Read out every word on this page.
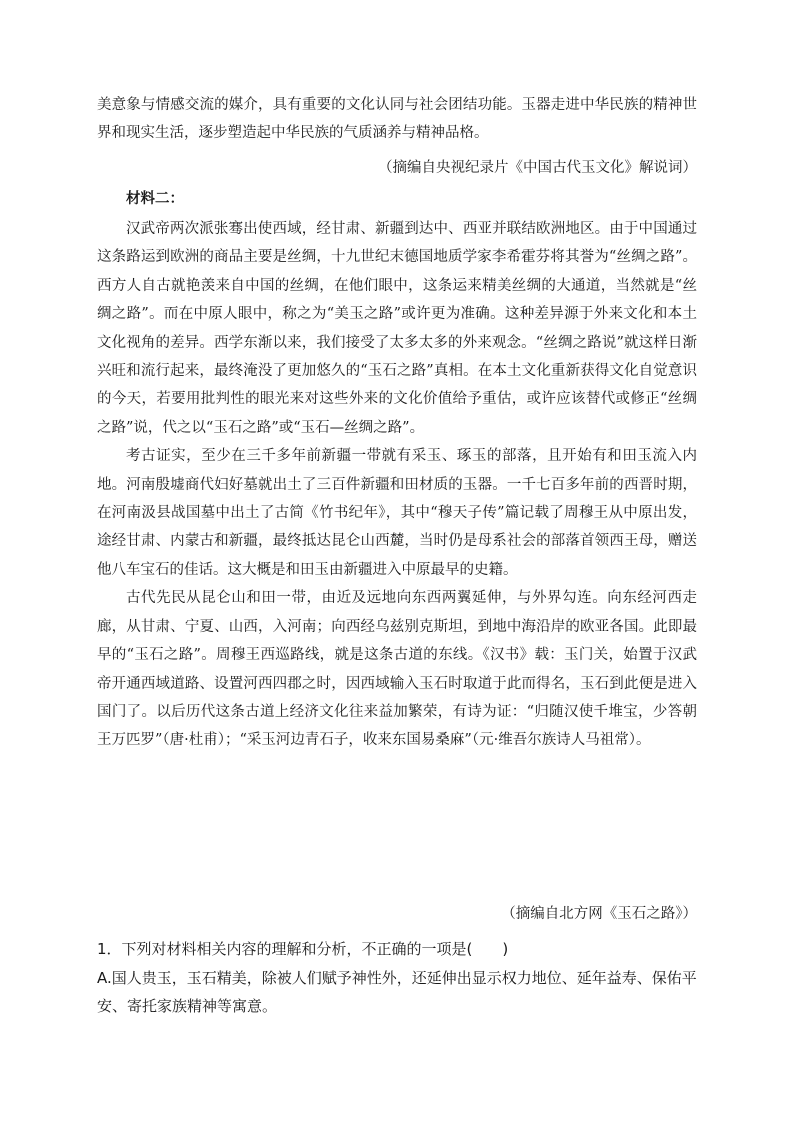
美意象与情感交流的媒介，具有重要的文化认同与社会团结功能。玉器走进中华民族的精神世界和现实生活，逐步塑造起中华民族的气质涵养与精神品格。

（摘编自央视纪录片《中国古代玉文化》解说词）

材料二：

汉武帝两次派张骞出使西域，经甘肃、新疆到达中、西亚并联结欧洲地区。由于中国通过这条路运到欧洲的商品主要是丝绸，十九世纪末德国地质学家李希霍芬将其誉为“丝绸之路”。西方人自古就艳羡来自中国的丝绸，在他们眼中，这条运来精美丝绸的大通道，当然就是“丝绸之路”。而在中原人眼中，称之为“美玉之路”或许更为准确。这种差异源于外来文化和本土文化视角的差异。西学东渐以来，我们接受了太多太多的外来观念。“丝绸之路说”就这样日渐兴旺和流行起来，最终淹没了更加悠久的“玉石之路”真相。在本土文化重新获得文化自觉意识的今天，若要用批判性的眼光来对这些外来的文化价值给予重估，或许应该替代或修正“丝绸之路”说，代之以“玉石之路”或“玉石—丝绸之路”。

考古证实，至少在三千多年前新疆一带就有采玉、琢玉的部落，且开始有和田玉流入内地。河南殷墟商代妇好墓就出土了三百件新疆和田材质的玉器。一千七百多年前的西晋时期，在河南汲县战国墓中出土了古简《竹书纪年》，其中“穆天子传”篇记载了周穆王从中原出发，途经甘肃、内蒙古和新疆，最终抵达昆仑山西麓，当时仍是母系社会的部落首领西王母，赠送他八车宝石的佳话。这大概是和田玉由新疆进入中原最早的史籍。

古代先民从昆仑山和田一带，由近及远地向东西两翼延伸，与外界勾连。向东经河西走廊，从甘肃、宁夏、山西，入河南；向西经乌兹别克斯坦，到地中海沿岸的欧亚各国。此即最早的“玉石之路”。周穆王西巡路线，就是这条古道的东线。《汉书》载：玉门关，始置于汉武帝开通西域道路、设置河西四郡之时，因西域输入玉石时取道于此而得名，玉石到此便是进入国门了。以后历代这条古道上经济文化往来益加繁荣，有诗为证：“归随汉使千堆宝，少答朝王万匹罗”（唐·杜甫）；“采玉河边青石子，收来东国易桑麻”（元·维吾尔族诗人马祖常）。

（摘编自北方网《玉石之路》）

1．下列对材料相关内容的理解和分析，不正确的一项是(　　)

A.国人贵玉，玉石精美，除被人们赋予神性外，还延伸出显示权力地位、延年益寿、保佑平安、寄托家族精神等寓意。
